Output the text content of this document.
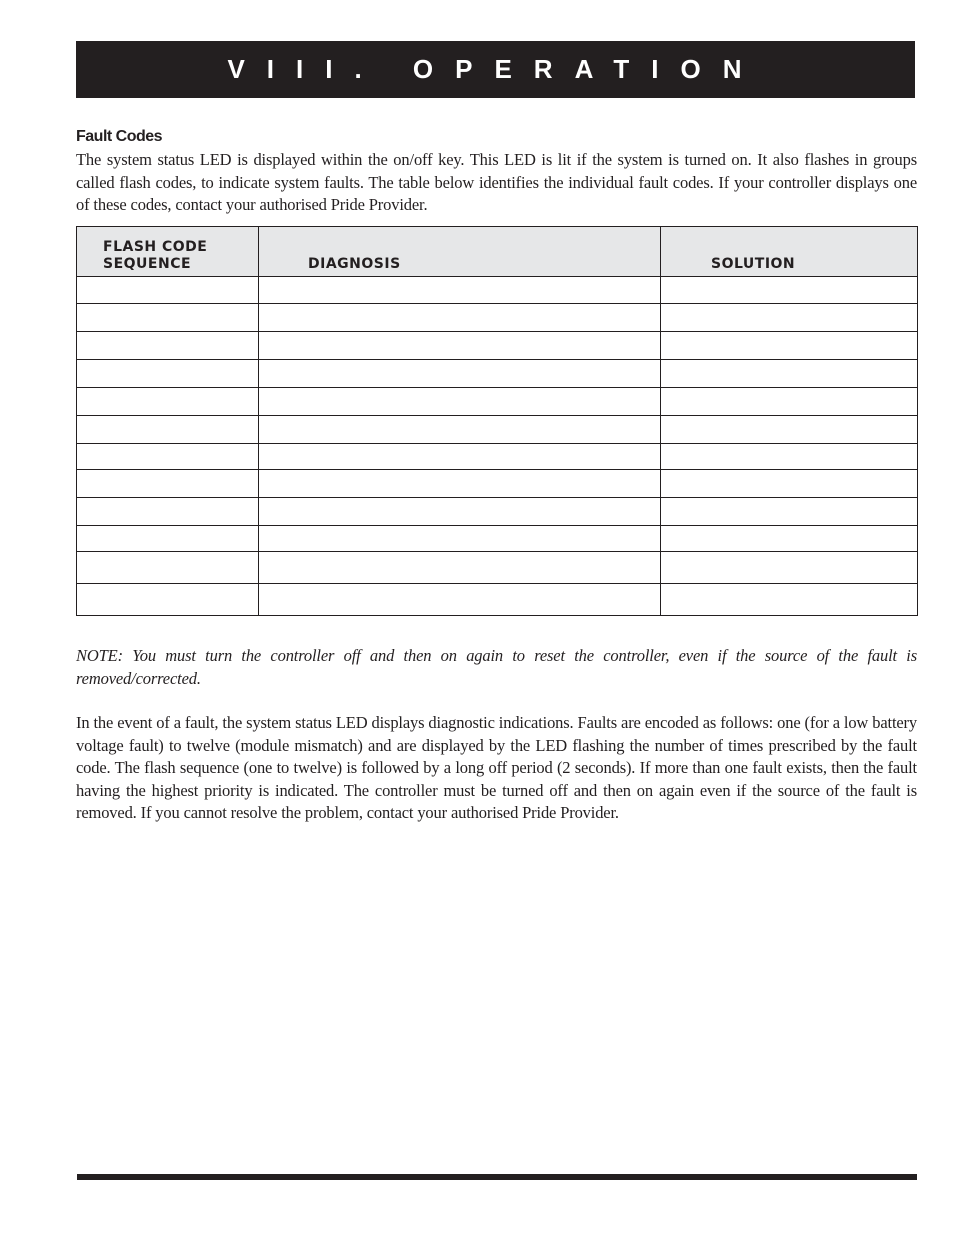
VIII. OPERATION
Fault Codes

The system status LED is displayed within the on/off key. This LED is lit if the system is turned on. It also flashes in groups called flash codes, to indicate system faults. The table below identifies the individual fault codes. If your controller displays one of these codes, contact your authorised Pride Provider.

FLASH CODE
SEQUENCE	DIAGNOSIS	SOLUTION

NOTE: You must turn the controller off and then on again to reset the controller, even if the source of the fault is removed/corrected.

In the event of a fault, the system status LED displays diagnostic indications. Faults are encoded as follows: one (for a low battery voltage fault) to twelve (module mismatch) and are displayed by the LED flashing the number of times prescribed by the fault code. The flash sequence (one to twelve) is followed by a long off period (2 seconds). If more than one fault exists, then the fault having the highest priority is indicated. The controller must be turned off and then on again even if the source of the fault is removed. If you cannot resolve the problem, contact your authorised Pride Provider.
